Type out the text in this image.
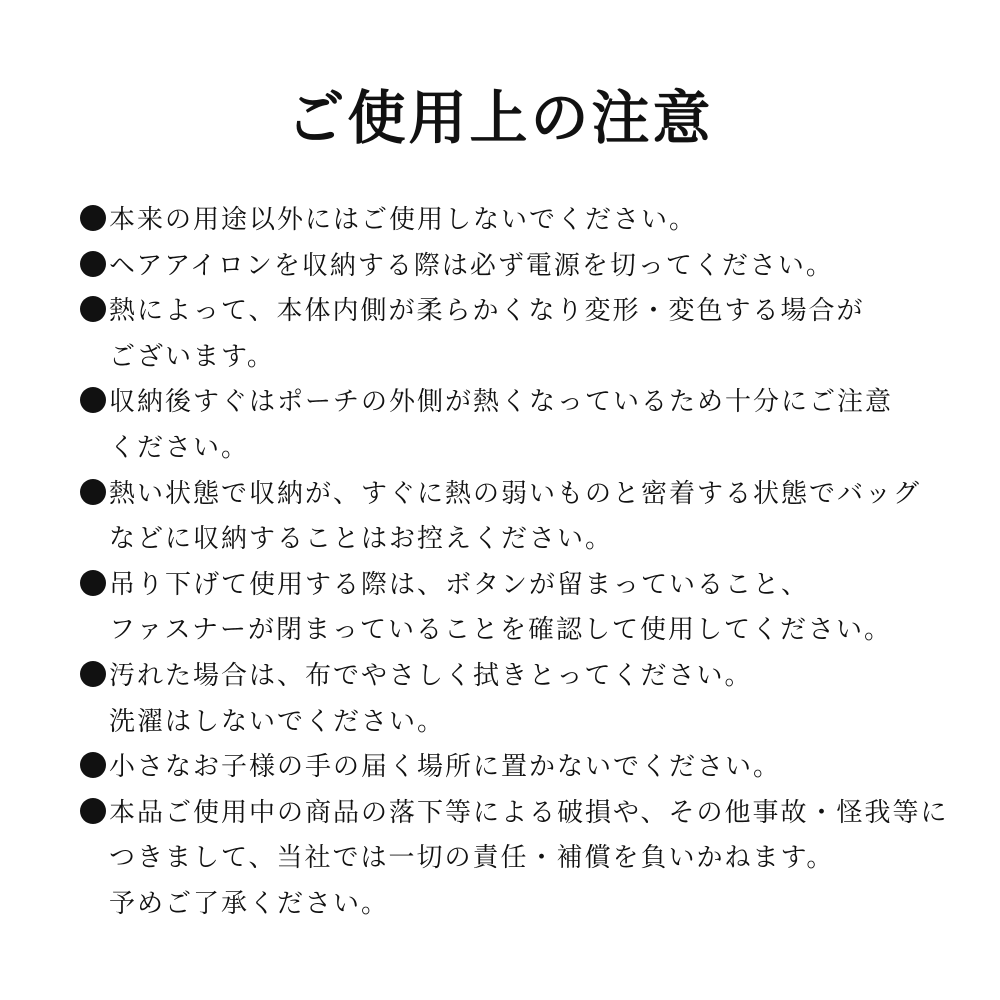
ご使用上の注意
本来の用途以外にはご使用しないでください。
ヘアアイロンを収納する際は必ず電源を切ってください。
熱によって、本体内側が柔らかくなり変形・変色する場合が
ございます。
収納後すぐはポーチの外側が熱くなっているため十分にご注意
ください。
熱い状態で収納が、すぐに熱の弱いものと密着する状態でバッグ
などに収納することはお控えください。
吊り下げて使用する際は、ボタンが留まっていること、
ファスナーが閉まっていることを確認して使用してください。
汚れた場合は、布でやさしく拭きとってください。
洗濯はしないでください。
小さなお子様の手の届く場所に置かないでください。
本品ご使用中の商品の落下等による破損や、その他事故・怪我等に
つきまして、当社では一切の責任・補償を負いかねます。
予めご了承ください。
